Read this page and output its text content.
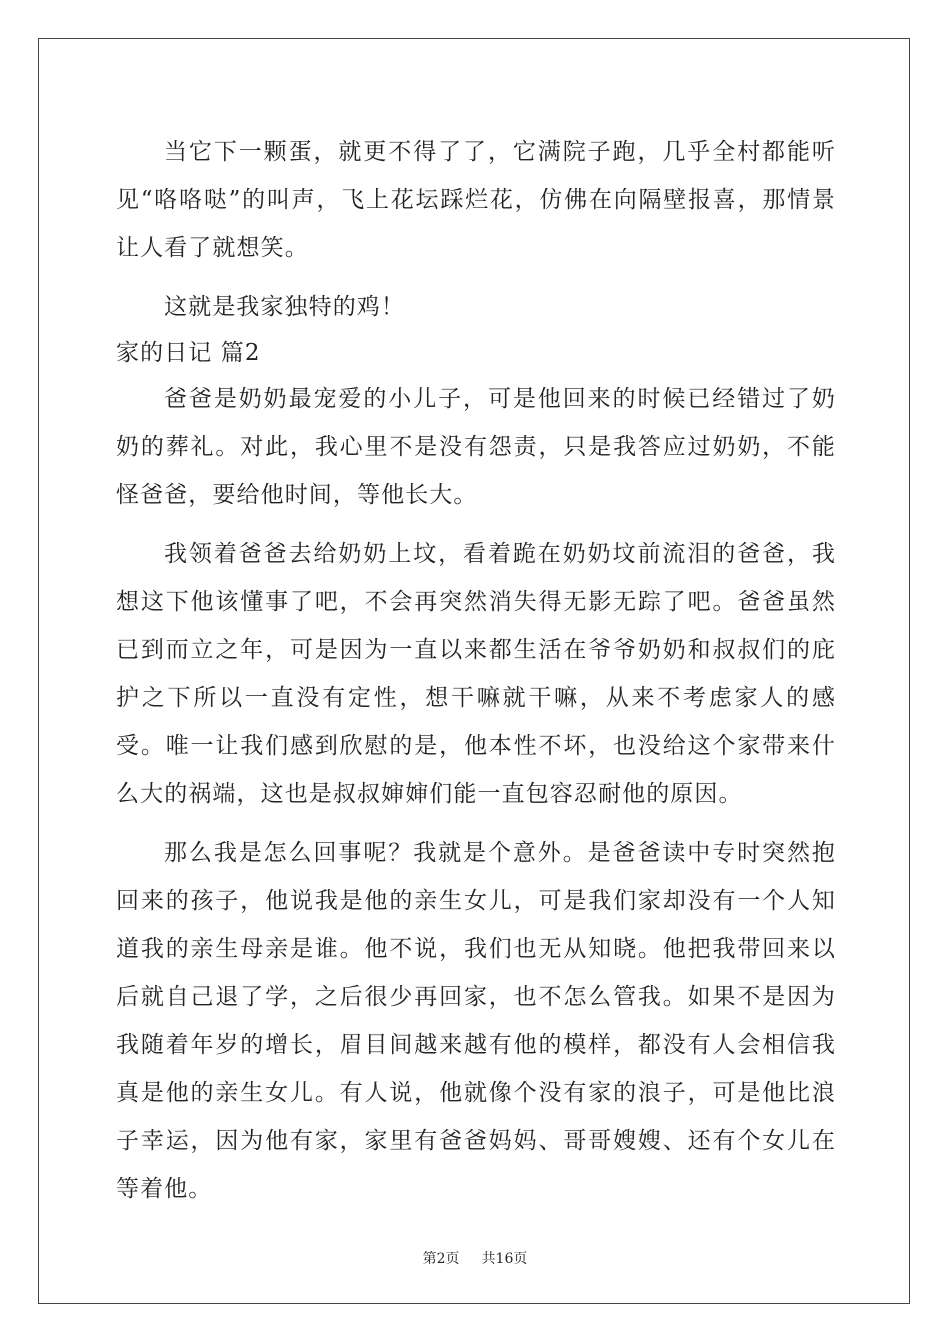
当它下一颗蛋，就更不得了了，它满院子跑，几乎全村都能听见“咯咯哒”的叫声，飞上花坛踩烂花，仿佛在向隔壁报喜，那情景让人看了就想笑。

这就是我家独特的鸡！

家的日记 篇2

爸爸是奶奶最宠爱的小儿子，可是他回来的时候已经错过了奶奶的葬礼。对此，我心里不是没有怨责，只是我答应过奶奶，不能怪爸爸，要给他时间，等他长大。

我领着爸爸去给奶奶上坟，看着跪在奶奶坟前流泪的爸爸，我想这下他该懂事了吧，不会再突然消失得无影无踪了吧。爸爸虽然已到而立之年，可是因为一直以来都生活在爷爷奶奶和叔叔们的庇护之下所以一直没有定性，想干嘛就干嘛，从来不考虑家人的感受。唯一让我们感到欣慰的是，他本性不坏，也没给这个家带来什么大的祸端，这也是叔叔婶婶们能一直包容忍耐他的原因。

那么我是怎么回事呢？我就是个意外。是爸爸读中专时突然抱回来的孩子，他说我是他的亲生女儿，可是我们家却没有一个人知道我的亲生母亲是谁。他不说，我们也无从知晓。他把我带回来以后就自己退了学，之后很少再回家，也不怎么管我。如果不是因为我随着年岁的增长，眉目间越来越有他的模样，都没有人会相信我真是他的亲生女儿。有人说，他就像个没有家的浪子，可是他比浪子幸运，因为他有家，家里有爸爸妈妈、哥哥嫂嫂、还有个女儿在等着他。

第2页 共16页
